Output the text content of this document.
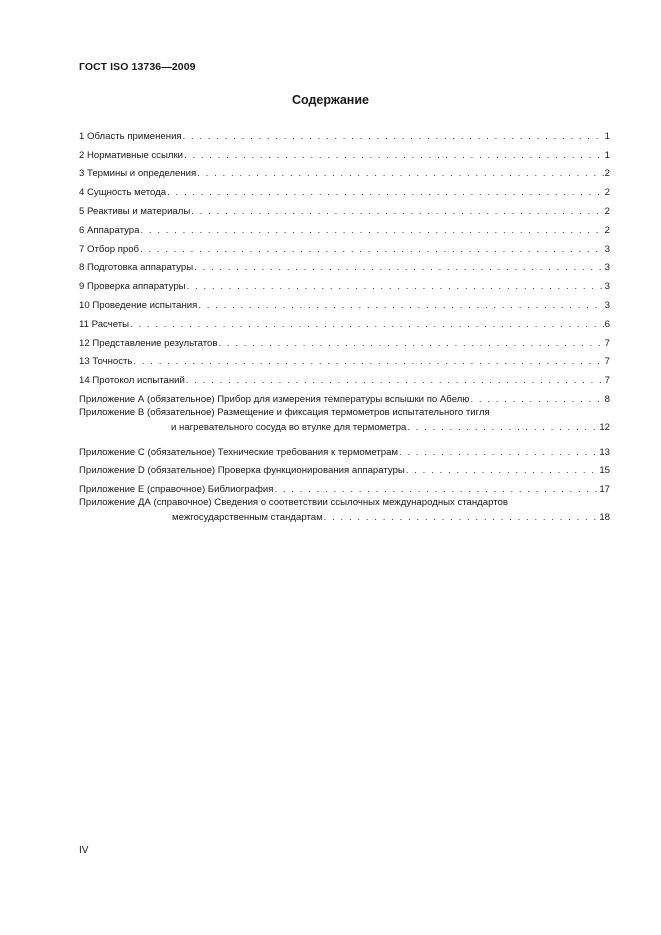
ГОСТ ISO 13736—2009
Содержание
1 Область применения . . .	1
2 Нормативные ссылки . . .	1
3 Термины и определения . . .	2
4 Сущность метода . . .	2
5 Реактивы и материалы . . .	2
6 Аппаратура . . .	2
7 Отбор проб . . .	3
8 Подготовка аппаратуры . . .	3
9 Проверка аппаратуры . . .	3
10 Проведение испытания . . .	3
11 Расчеты . . .	6
12 Представление результатов . . .	7
13 Точность . . .	7
14 Протокол испытаний . . .	7
Приложение А (обязательное) Прибор для измерения температуры вспышки по Абелю . . .	8
Приложение В (обязательное) Размещение и фиксация термометров испытательного тигля
и нагревательного сосуда во втулке для термометра . . .	12
Приложение С (обязательное) Технические требования к термометрам . . .	13
Приложение D (обязательное) Проверка функционирования аппаратуры . . .	15
Приложение Е (справочное) Библиография . . .	17
Приложение ДА (справочное) Сведения о соответствии ссылочных международных стандартов
межгосударственным стандартам . . .	18
IV
